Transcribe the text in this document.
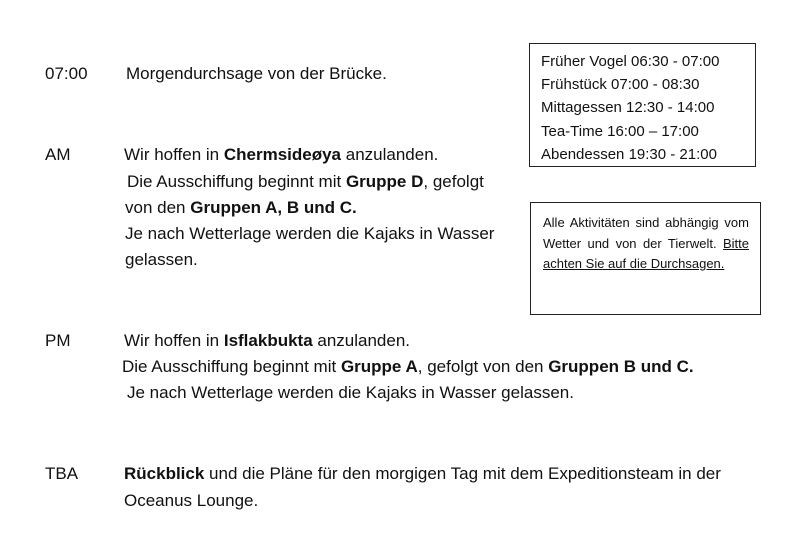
07:00 Morgendurchsage von der Brücke.
AM	Wir hoffen in Chermsideøya anzulanden.
Die Ausschiffung beginnt mit Gruppe D, gefolgt
von den Gruppen A, B und C.
Je nach Wetterlage werden die Kajaks in Wasser
gelassen.
PM	Wir hoffen in Isflakbukta anzulanden.
Die Ausschiffung beginnt mit Gruppe A, gefolgt von den Gruppen B und C.
Je nach Wetterlage werden die Kajaks in Wasser gelassen.
TBA	Rückblick und die Pläne für den morgigen Tag mit dem Expeditionsteam in der
Oceanus Lounge.
Früher Vogel 06:30 - 07:00
Frühstück 07:00 - 08:30
Mittagessen 12:30 - 14:00
Tea-Time 16:00 – 17:00
Abendessen 19:30 - 21:00
Alle Aktivitäten sind abhängig vom Wetter und von der Tierwelt. Bitte achten Sie auf die Durchsagen.
